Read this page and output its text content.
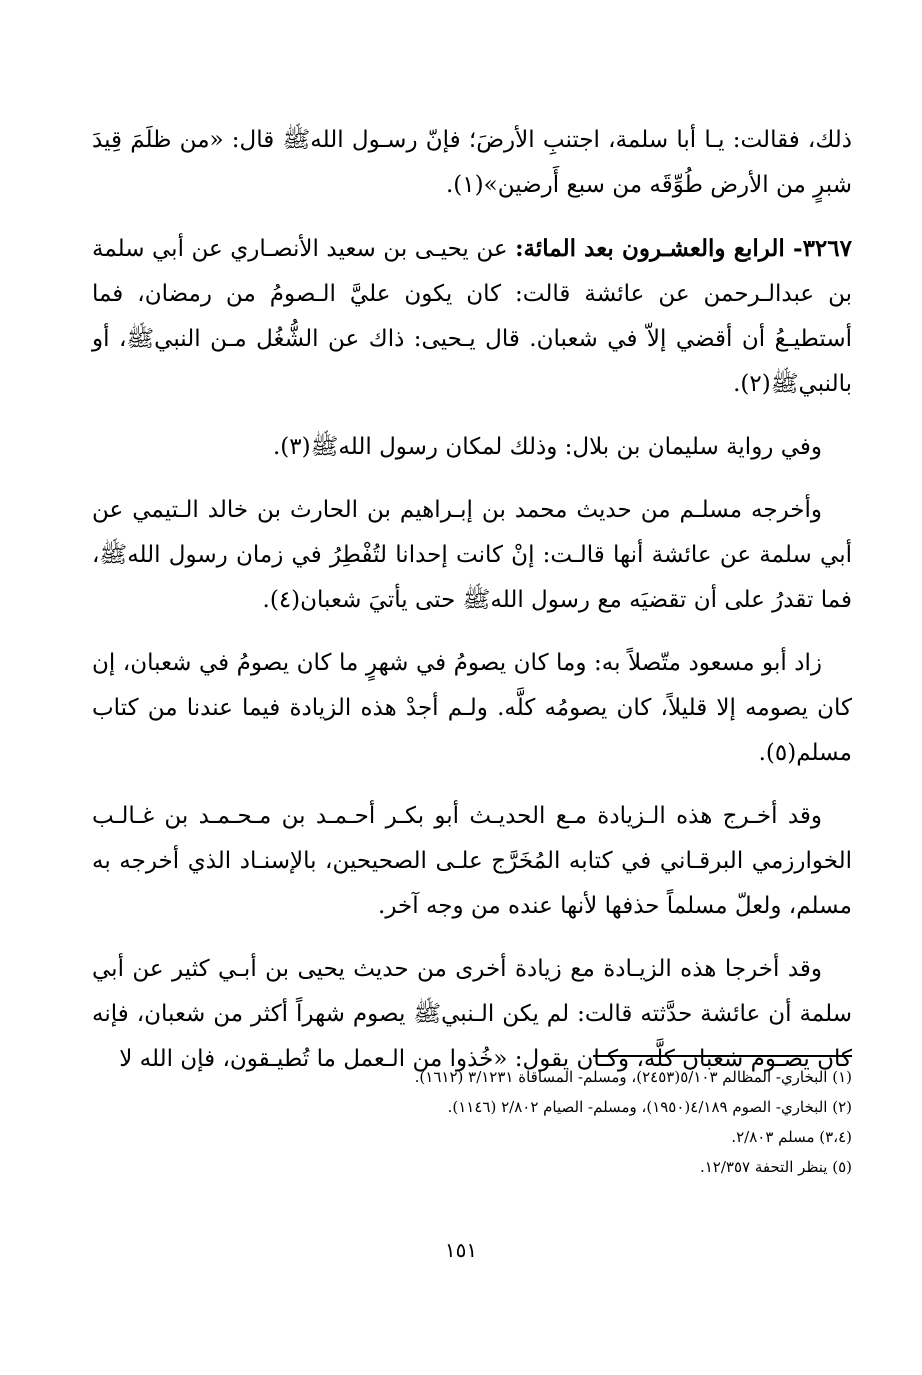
ذلك، فقالت: يـا أبا سلمة، اجتنبِ الأرضَ؛ فإنّ رسـول اللهﷺ قال: «من ظلَمَ قِيدَ شبرٍ من الأرض طُوِّقَه من سبع أَرضين»(١).

٣٢٦٧- الرابع والعشـرون بعد المائة: عن يحيـى بن سعيد الأنصـاري عن أبي سلمة بن عبدالـرحمن عن عائشة قالت: كان يكون عليَّ الـصومُ من رمضان، فما أستطيـعُ أن أقضي إلاّ في شعبان. قال يـحيى: ذاك عن الشُّغُل مـن النبيﷺ، أو بالنبيﷺ(٢).

وفي رواية سليمان بن بلال: وذلك لمكان رسول اللهﷺ(٣).

وأخرجه مسلـم من حديث محمد بن إبـراهيم بن الحارث بن خالد الـتيمي عن أبي سلمة عن عائشة أنها قالـت: إنْ كانت إحدانا لتُفْطِرُ في زمان رسول اللهﷺ، فما تقدرُ على أن تقضيَه مع رسول اللهﷺ حتى يأتيَ شعبان(٤).

زاد أبو مسعود متّصلاً به: وما كان يصومُ في شهرٍ ما كان يصومُ في شعبان، إن كان يصومه إلا قليلاً، كان يصومُه كلَّه. ولـم أجدْ هذه الزيادة فيما عندنا من كتاب مسلم(٥).

وقد أخـرج هذه الـزيادة مـع الحديـث أبو بكـر أحـمـد بن مـحـمـد بن غـالـب الخوارزمي البرقـاني في كتابه المُخَرَّج علـى الصحيحين، بالإسنـاد الذي أخرجه به مسلم، ولعلّ مسلماً حذفها لأنها عنده من وجه آخر.

وقد أخرجا هذه الزيـادة مع زيادة أخرى من حديث يحيى بن أبـي كثير عن أبي سلمة أن عائشة حدَّثته قالت: لم يكن الـنبيﷺ يصوم شهراً أكثر من شعبان، فإنه كان يصـوم شعبان كلَّه، وكـان يقول: «خُذوا من الـعمل ما تُطيـقون، فإن الله لا

(١) البخاري- المظالم ٥/١٠٣(٢٤٥٣)، ومسلم- المساقاة ٣/١٢٣١ (١٦١٢).

(٢) البخاري- الصوم ٤/١٨٩(١٩٥٠)، ومسلم- الصيام ٢/٨٠٢ (١١٤٦).

(٣،٤) مسلم ٢/٨٠٣.

(٥) ينظر التحفة ١٢/٣٥٧.

١٥١
